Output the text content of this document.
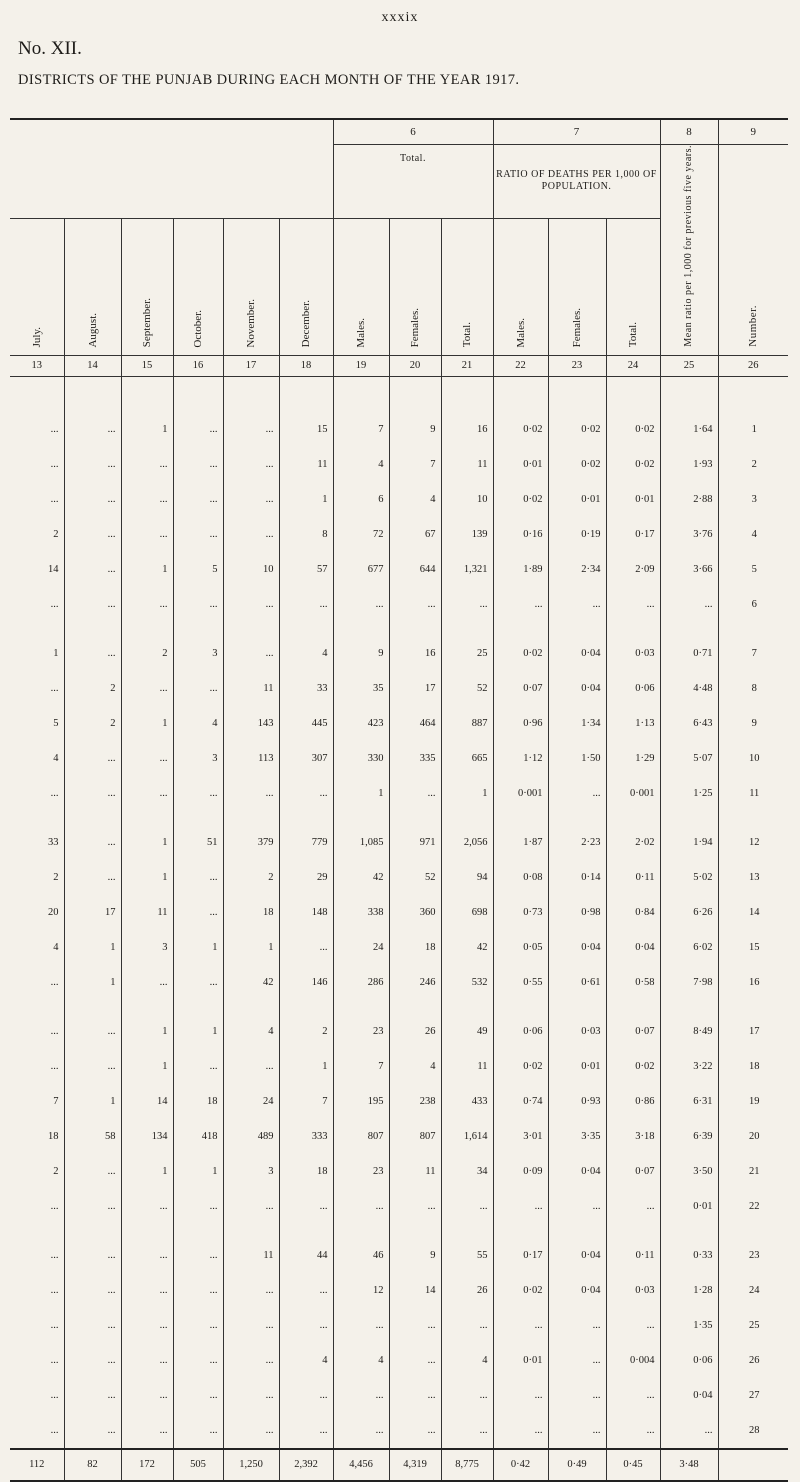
xxxix
No. XII.
DISTRICTS OF THE PUNJAB DURING EACH MONTH OF THE YEAR 1917.
						6			7			8	9
						Total.			RATIO OF DEATHS PER 1,000 OF POPULATION.			Mean ratio per 1,000 for previous five years.	Number.
July.	August.	September.	October.	November.	December.	Males.	Females.	Total.	Males.	Females.	Total.		
13	14	15	16	17	18	19	20	21	22	23	24	25	26

...	...	1	...	...	15	7	9	16	0·02	0·02	0·02	1·64	1
...	...	...	...	...	11	4	7	11	0·01	0·02	0·02	1·93	2
...	...	...	...	...	1	6	4	10	0·02	0·01	0·01	2·88	3
2	...	...	...	...	8	72	67	139	0·16	0·19	0·17	3·76	4
14	...	1	5	10	57	677	644	1,321	1·89	2·34	2·09	3·66	5
...	...	...	...	...	...	...	...	...	...	...	...	...	6

1	...	2	3	...	4	9	16	25	0·02	0·04	0·03	0·71	7
...	2	...	...	11	33	35	17	52	0·07	0·04	0·06	4·48	8
5	2	1	4	143	445	423	464	887	0·96	1·34	1·13	6·43	9
4	...	...	3	113	307	330	335	665	1·12	1·50	1·29	5·07	10
...	...	...	...	...	...	1	...	1	0·001	...	0·001	1·25	11

33	...	1	51	379	779	1,085	971	2,056	1·87	2·23	2·02	1·94	12
2	...	1	...	2	29	42	52	94	0·08	0·14	0·11	5·02	13
20	17	11	...	18	148	338	360	698	0·73	0·98	0·84	6·26	14
4	1	3	1	1	...	24	18	42	0·05	0·04	0·04	6·02	15
...	1	...	...	42	146	286	246	532	0·55	0·61	0·58	7·98	16

...	...	1	1	4	2	23	26	49	0·06	0·03	0·07	8·49	17
...	...	1	...	...	1	7	4	11	0·02	0·01	0·02	3·22	18
7	1	14	18	24	7	195	238	433	0·74	0·93	0·86	6·31	19
18	58	134	418	489	333	807	807	1,614	3·01	3·35	3·18	6·39	20
2	...	1	1	3	18	23	11	34	0·09	0·04	0·07	3·50	21
...	...	...	...	...	...	...	...	...	...	...	...	0·01	22

...	...	...	...	11	44	46	9	55	0·17	0·04	0·11	0·33	23
...	...	...	...	...	...	12	14	26	0·02	0·04	0·03	1·28	24
...	...	...	...	...	...	...	...	...	...	...	...	1·35	25
...	...	...	...	...	4	4	...	4	0·01	...	0·004	0·06	26
...	...	...	...	...	...	...	...	...	...	...	...	0·04	27
...	...	...	...	...	...	...	...	...	...	...	...	...	28
112	82	172	505	1,250	2,392	4,456	4,319	8,775	0·42	0·49	0·45	3·48	
